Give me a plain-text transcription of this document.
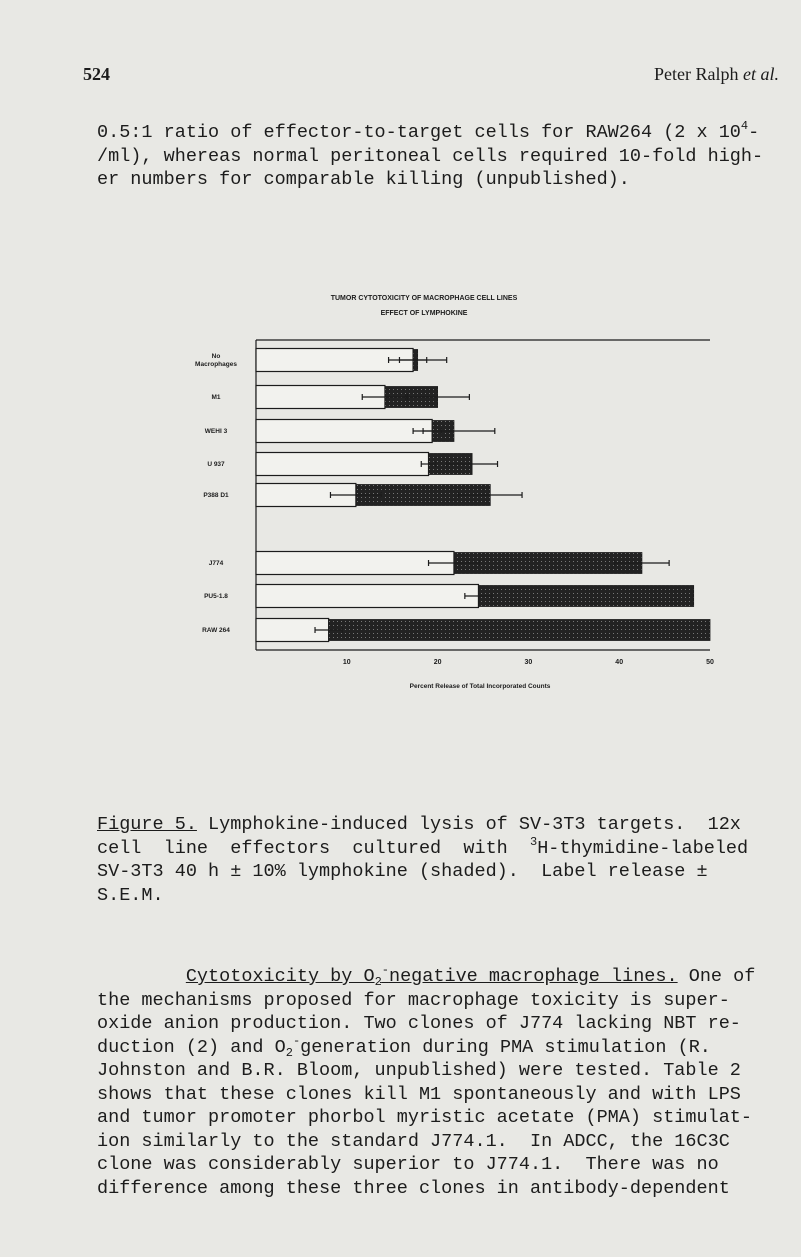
524	Peter Ralph et al.
0.5:1 ratio of effector-to-target cells for RAW264 (2 x $10^4-$
/ml), whereas normal peritoneal cells required 10-fold high-
er numbers for comparable killing (unpublished).
TUMOR CYTOTOXICITY OF MACROPHAGE CELL LINES
EFFECT OF LYMPHOKINE
No
Macrophages
M1
WEHI 3
U 937
P388 D1
J774
PU5-1.8
RAW 264
10	20	30	40	50
Percent Release of Total Incorporated Counts
Figure 5. Lymphokine-induced lysis of SV-3T3 targets.  12x
cell  line  effectors  cultured  with  $^3$H-thymidine-labeled
SV-3T3 40 h ± 10% lymphokine (shaded).  Label release ±
S.E.M.
Cytotoxicity by $O_2^-negative$ macrophage lines. One of
the mechanisms proposed for macrophage toxicity is super-
oxide anion production. Two clones of J774 lacking NBT re-
duction (2) and $O_2^-generation$ during PMA stimulation (R.
Johnston and B.R. Bloom, unpublished) were tested. Table 2
shows that these clones kill M1 spontaneously and with LPS
and tumor promoter phorbol myristic acetate (PMA) stimulat-
ion similarly to the standard J774.1.  In ADCC, the 16C3C
clone was considerably superior to J774.1.  There was no
difference among these three clones in antibody-dependent
